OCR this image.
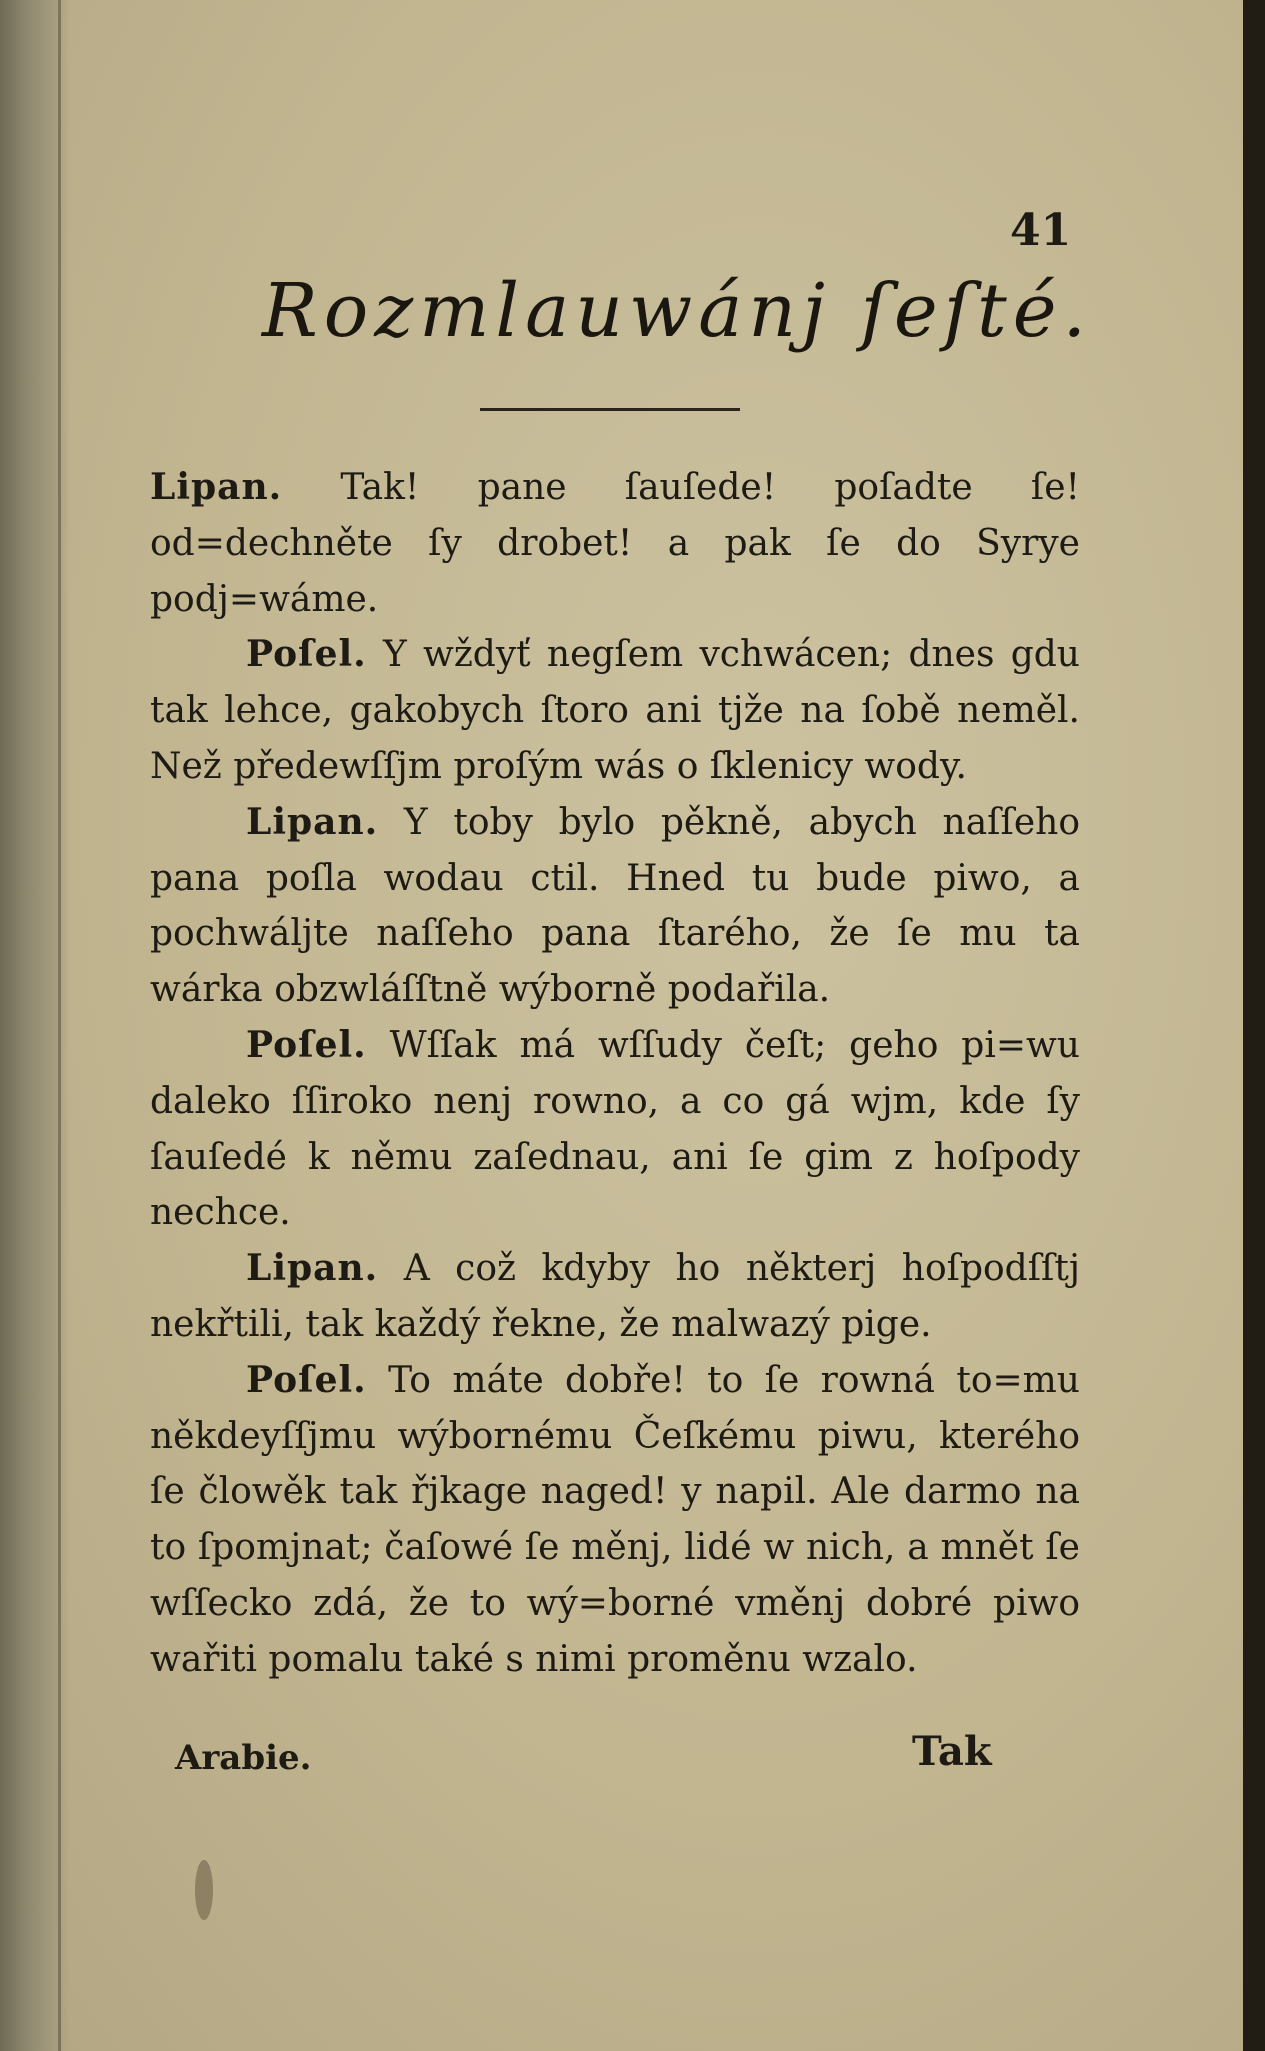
41
Rozmlauwánj ſeſté.

Lipan. Tak! pane ſauſede! poſadte ſe! od=dechněte ſy drobet! a pak ſe do Syrye podj=wáme.

Poſel. Y wždyť negſem vchwácen; dnes gdu tak lehce, gakobych ſtoro ani tjže na ſobě neměl. Než předewſſjm proſým wás o ſklenicy wody.

Lipan. Y toby bylo pěkně, abych naſſeho pana poſla wodau ctil. Hned tu bude piwo, a pochwáljte naſſeho pana ſtarého, že ſe mu ta wárka obzwláſſtně wýborně podařila.

Poſel. Wſſak má wſſudy čeſt; geho pi=wu daleko ſſiroko nenj rowno, a co gá wjm, kde ſy ſauſedé k němu zaſednau, ani ſe gim z hoſpody nechce.

Lipan. A což kdyby ho některj hoſpodſſtj nekřtili, tak každý řekne, že malwazý pige.

Poſel. To máte dobře! to ſe rowná to=mu někdeyſſjmu wýbornému Čeſkému piwu, kterého ſe člowěk tak řjkage naged! y napil. Ale darmo na to ſpomjnat; čaſowé ſe měnj, lidé w nich, a mnět ſe wſſecko zdá, že to wý=borné vměnj dobré piwo wařiti pomalu také s nimi proměnu wzalo.

Arabie.	Tak
